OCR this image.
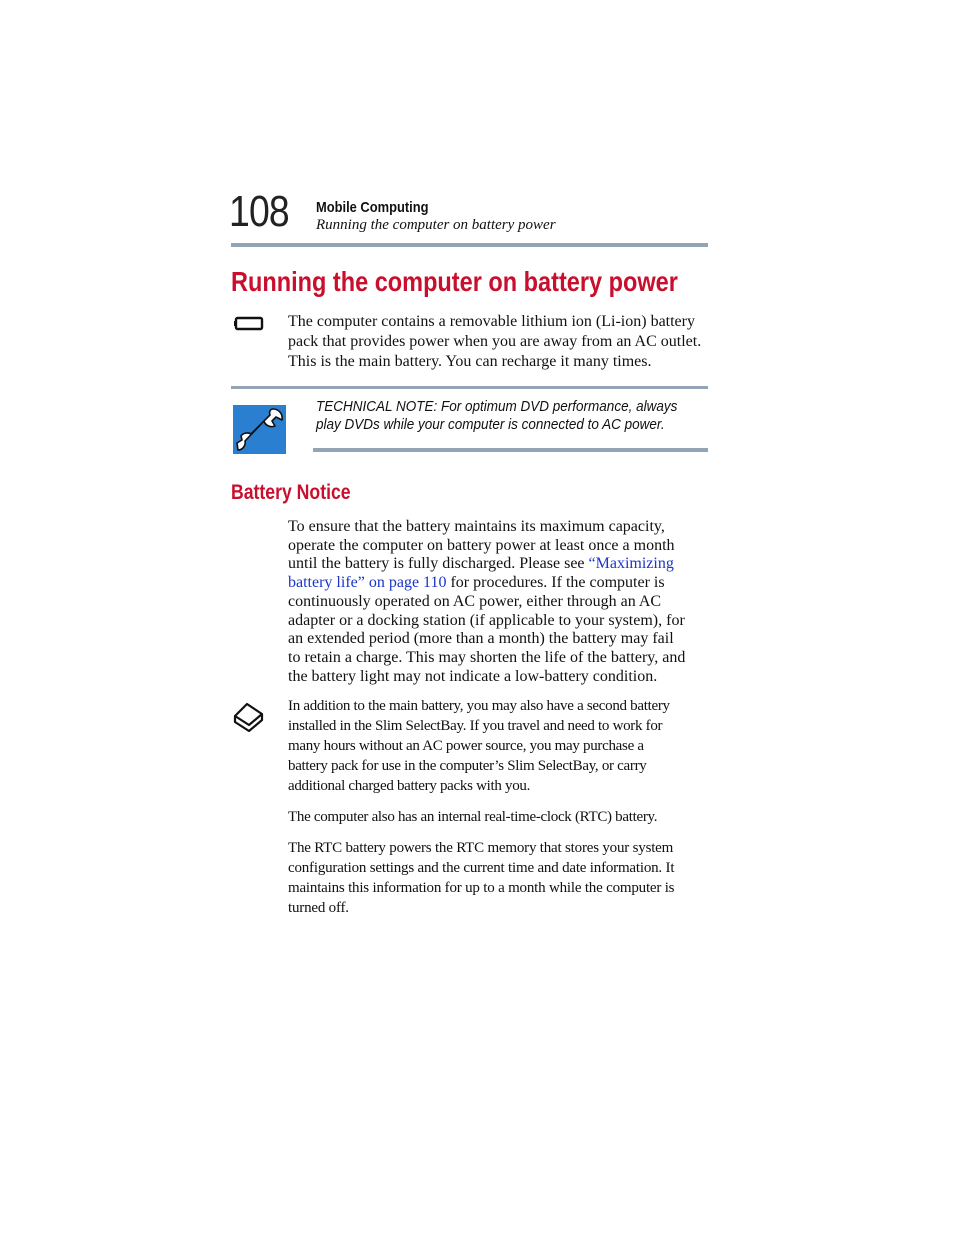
108 Mobile Computing
Running the computer on battery power
Running the computer on battery power
The computer contains a removable lithium ion (Li-ion) battery
pack that provides power when you are away from an AC outlet.
This is the main battery. You can recharge it many times.
TECHNICAL NOTE: For optimum DVD performance, always
play DVDs while your computer is connected to AC power.
Battery Notice
To ensure that the battery maintains its maximum capacity,
operate the computer on battery power at least once a month
until the battery is fully discharged. Please see “Maximizing
battery life” on page 110 for procedures. If the computer is
continuously operated on AC power, either through an AC
adapter or a docking station (if applicable to your system), for
an extended period (more than a month) the battery may fail
to retain a charge. This may shorten the life of the battery, and
the battery light may not indicate a low-battery condition.
In addition to the main battery, you may also have a second battery
installed in the Slim SelectBay. If you travel and need to work for
many hours without an AC power source, you may purchase a
battery pack for use in the computer’s Slim SelectBay, or carry
additional charged battery packs with you.
The computer also has an internal real-time-clock (RTC) battery.
The RTC battery powers the RTC memory that stores your system
configuration settings and the current time and date information. It
maintains this information for up to a month while the computer is
turned off.
